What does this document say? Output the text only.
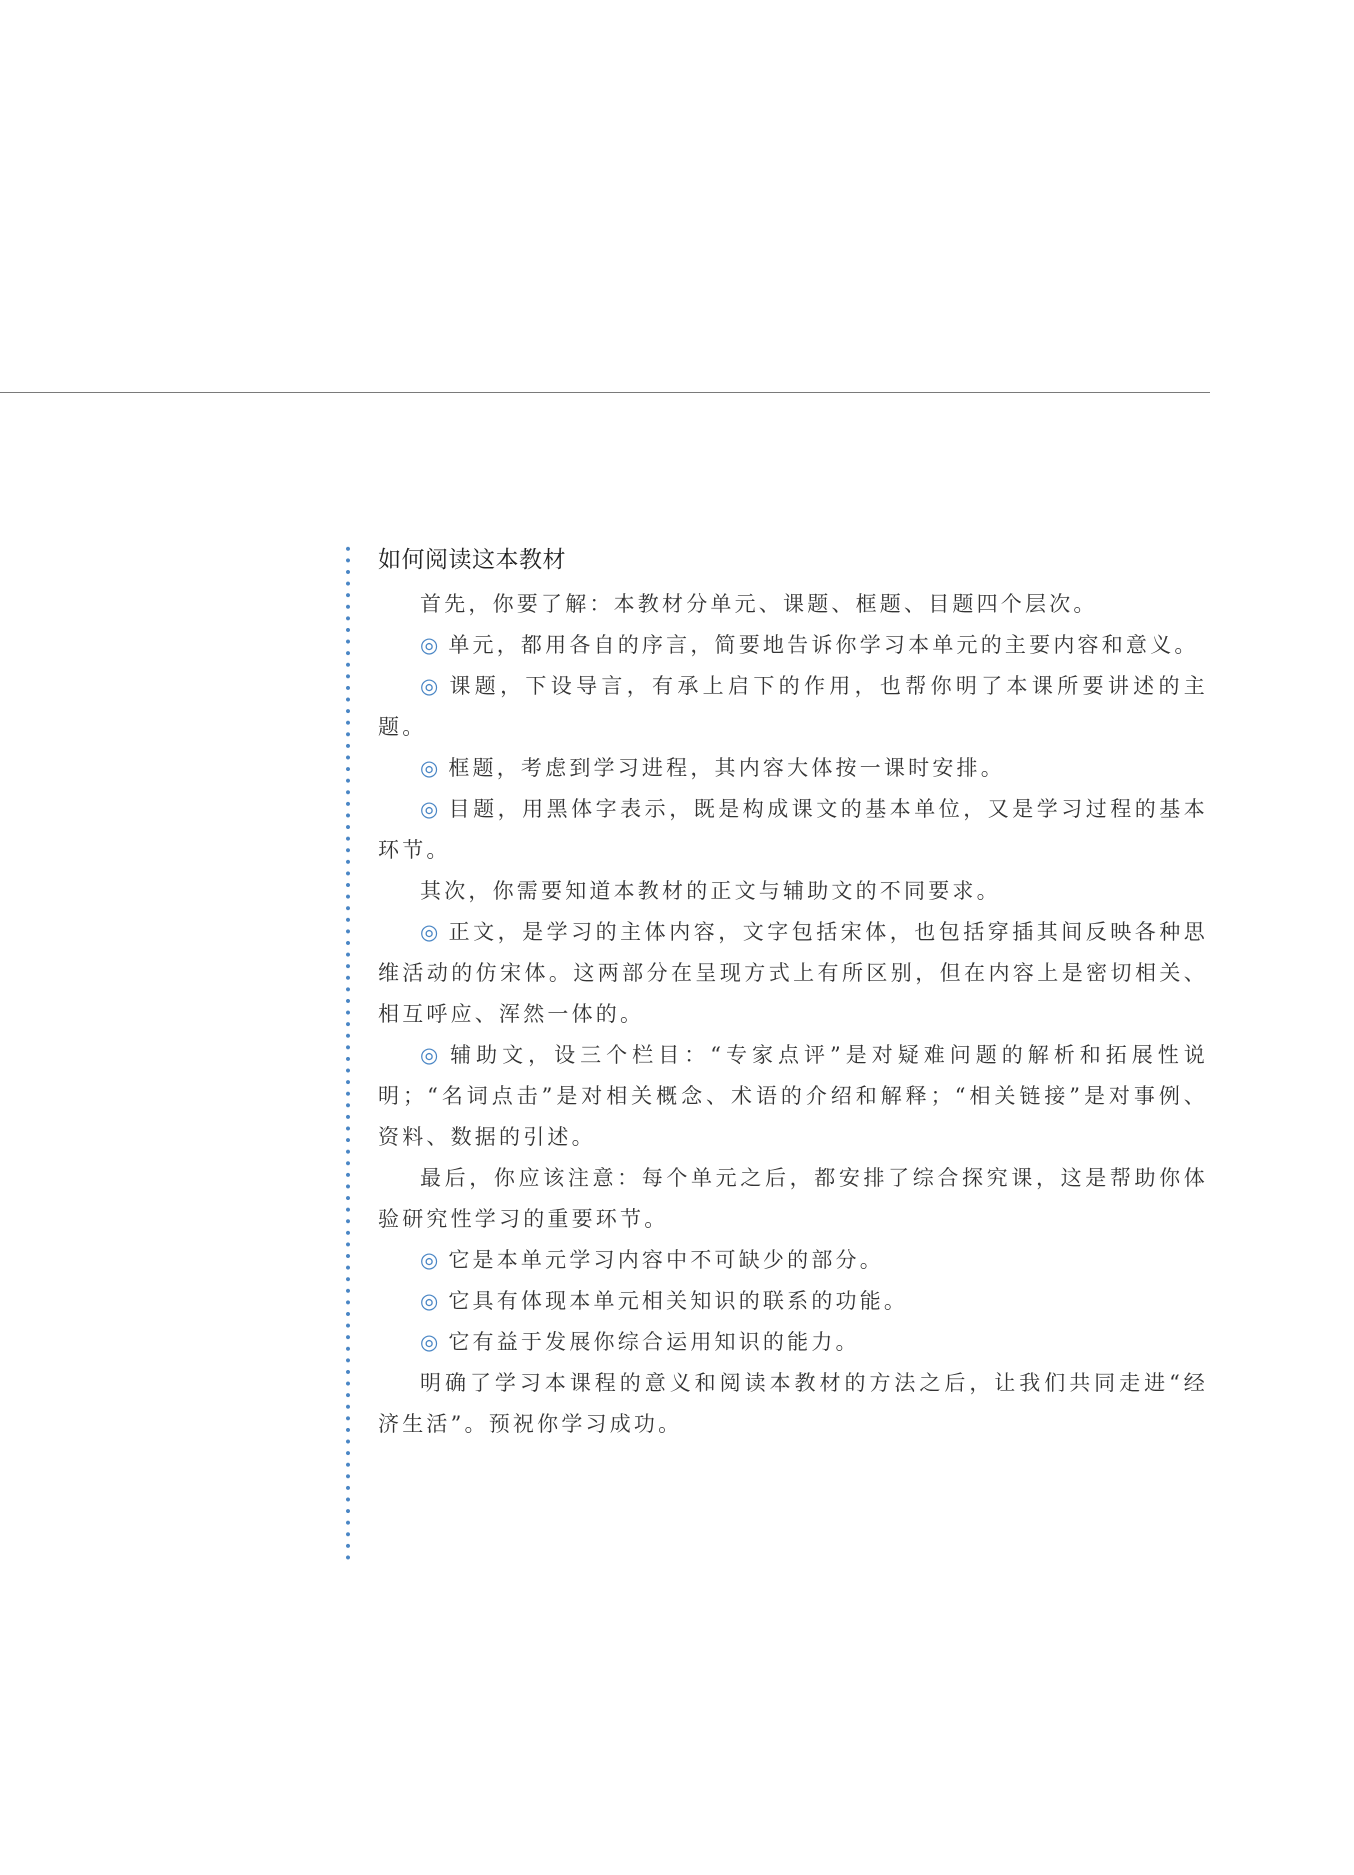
如何阅读这本教材

首先，你要了解：本教材分单元、课题、框题、目题四个层次。

◎ 单元，都用各自的序言，简要地告诉你学习本单元的主要内容和意义。

◎ 课题，下设导言，有承上启下的作用，也帮你明了本课所要讲述的主题。

◎ 框题，考虑到学习进程，其内容大体按一课时安排。

◎ 目题，用黑体字表示，既是构成课文的基本单位，又是学习过程的基本环节。

其次，你需要知道本教材的正文与辅助文的不同要求。

◎ 正文，是学习的主体内容，文字包括宋体，也包括穿插其间反映各种思维活动的仿宋体。这两部分在呈现方式上有所区别，但在内容上是密切相关、相互呼应、浑然一体的。

◎ 辅助文，设三个栏目：“专家点评”是对疑难问题的解析和拓展性说明；“名词点击”是对相关概念、术语的介绍和解释；“相关链接”是对事例、资料、数据的引述。

最后，你应该注意：每个单元之后，都安排了综合探究课，这是帮助你体验研究性学习的重要环节。

◎ 它是本单元学习内容中不可缺少的部分。

◎ 它具有体现本单元相关知识的联系的功能。

◎ 它有益于发展你综合运用知识的能力。

明确了学习本课程的意义和阅读本教材的方法之后，让我们共同走进“经济生活”。预祝你学习成功。
